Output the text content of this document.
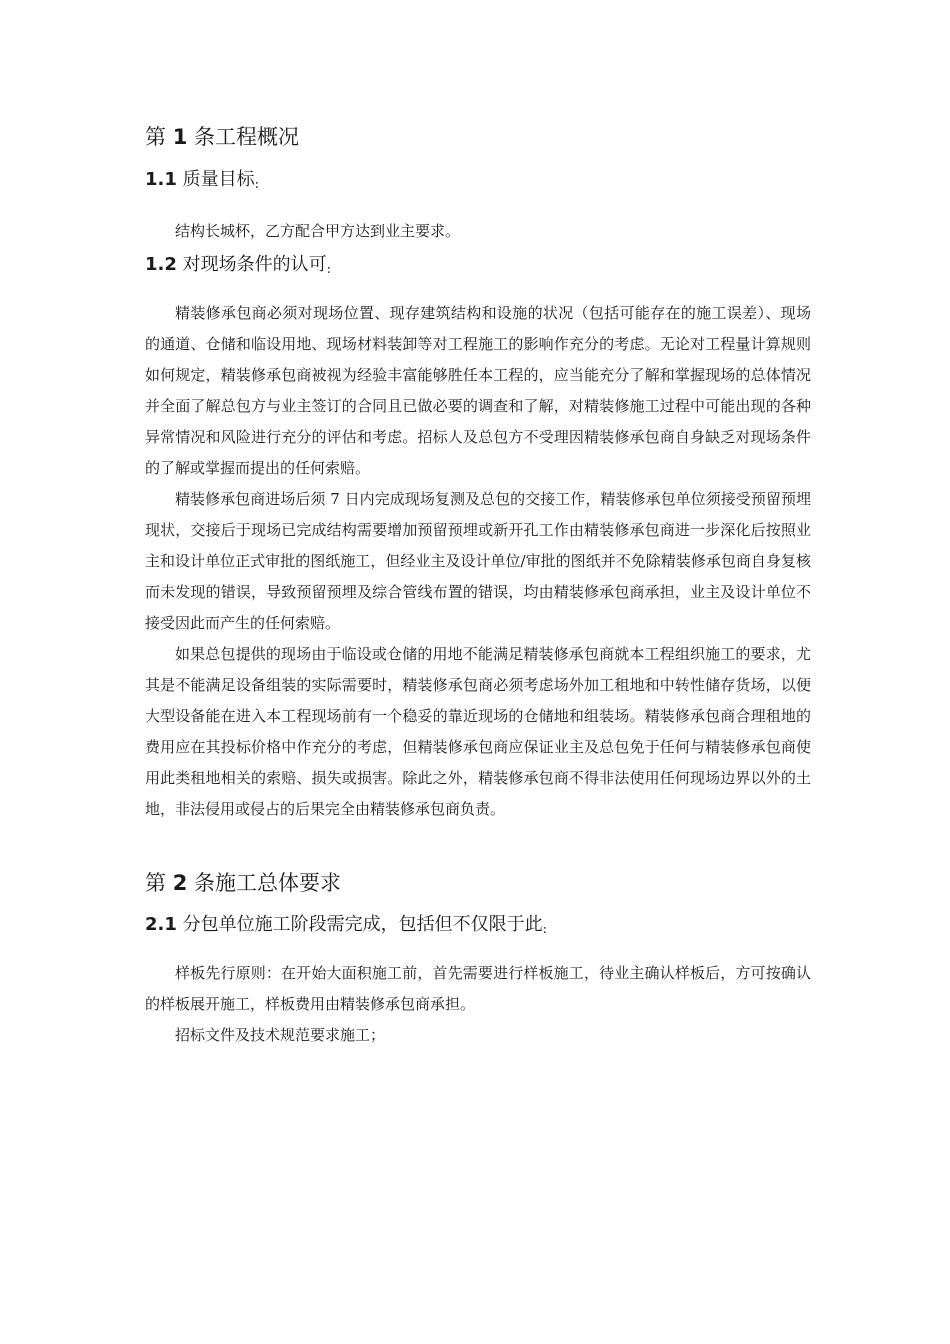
第 1 条工程概况

1.1 质量目标:

结构长城杯，乙方配合甲方达到业主要求。

1.2 对现场条件的认可:

精装修承包商必须对现场位置、现存建筑结构和设施的状况（包括可能存在的施工误差）、现场的通道、仓储和临设用地、现场材料装卸等对工程施工的影响作充分的考虑。无论对工程量计算规则如何规定，精装修承包商被视为经验丰富能够胜任本工程的，应当能充分了解和掌握现场的总体情况并全面了解总包方与业主签订的合同且已做必要的调查和了解，对精装修施工过程中可能出现的各种异常情况和风险进行充分的评估和考虑。招标人及总包方不受理因精装修承包商自身缺乏对现场条件的了解或掌握而提出的任何索赔。

精装修承包商进场后须 7 日内完成现场复测及总包的交接工作，精装修承包单位须接受预留预埋现状，交接后于现场已完成结构需要增加预留预埋或新开孔工作由精装修承包商进一步深化后按照业主和设计单位正式审批的图纸施工，但经业主及设计单位/审批的图纸并不免除精装修承包商自身复核而未发现的错误，导致预留预埋及综合管线布置的错误，均由精装修承包商承担，业主及设计单位不接受因此而产生的任何索赔。

如果总包提供的现场由于临设或仓储的用地不能满足精装修承包商就本工程组织施工的要求，尤其是不能满足设备组装的实际需要时，精装修承包商必须考虑场外加工租地和中转性储存货场，以便大型设备能在进入本工程现场前有一个稳妥的靠近现场的仓储地和组装场。精装修承包商合理租地的费用应在其投标价格中作充分的考虑，但精装修承包商应保证业主及总包免于任何与精装修承包商使用此类租地相关的索赔、损失或损害。除此之外，精装修承包商不得非法使用任何现场边界以外的土地，非法侵用或侵占的后果完全由精装修承包商负责。

第 2 条施工总体要求

2.1 分包单位施工阶段需完成，包括但不仅限于此:

样板先行原则：在开始大面积施工前，首先需要进行样板施工，待业主确认样板后，方可按确认的样板展开施工，样板费用由精装修承包商承担。

招标文件及技术规范要求施工；
